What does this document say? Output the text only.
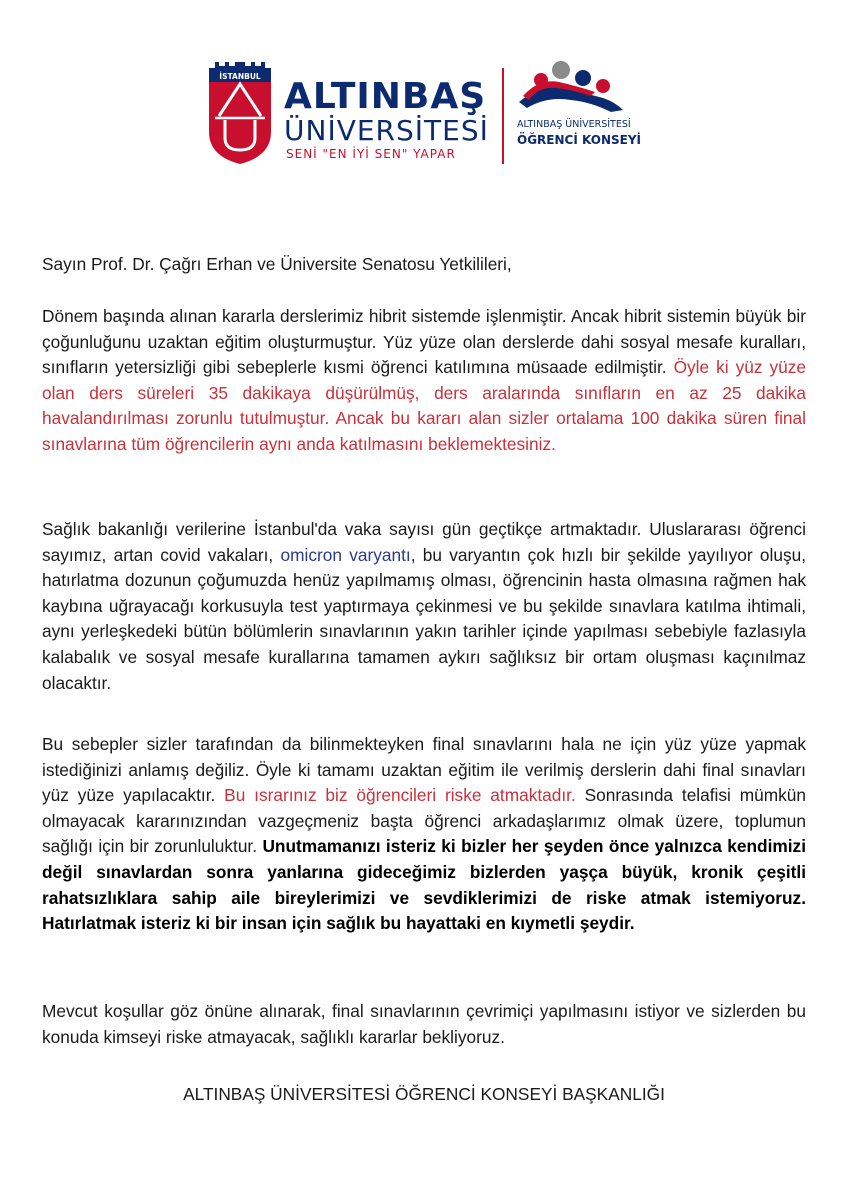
İSTANBUL ALTINBAŞ
ÜNİVERSİTESİ
SENİ "EN İYİ SEN" YAPAR
ALTINBAŞ ÜNİVERSİTESİ
ÖĞRENCİ KONSEYİ
Sayın Prof. Dr. Çağrı Erhan ve Üniversite Senatosu Yetkilileri,
Dönem başında alınan kararla derslerimiz hibrit sistemde işlenmiştir. Ancak hibrit sistemin büyük bir çoğunluğunu uzaktan eğitim oluşturmuştur. Yüz yüze olan derslerde dahi sosyal mesafe kuralları, sınıfların yetersizliği gibi sebeplerle kısmi öğrenci katılımına müsaade edilmiştir. Öyle ki yüz yüze olan ders süreleri 35 dakikaya düşürülmüş, ders aralarında sınıfların en az 25 dakika havalandırılması zorunlu tutulmuştur. Ancak bu kararı alan sizler ortalama 100 dakika süren final sınavlarına tüm öğrencilerin aynı anda katılmasını beklemektesiniz.
Sağlık bakanlığı verilerine İstanbul'da vaka sayısı gün geçtikçe artmaktadır. Uluslararası öğrenci sayımız, artan covid vakaları, omicron varyantı, bu varyantın çok hızlı bir şekilde yayılıyor oluşu, hatırlatma dozunun çoğumuzda henüz yapılmamış olması, öğrencinin hasta olmasına rağmen hak kaybına uğrayacağı korkusuyla test yaptırmaya çekinmesi ve bu şekilde sınavlara katılma ihtimali, aynı yerleşkedeki bütün bölümlerin sınavlarının yakın tarihler içinde yapılması sebebiyle fazlasıyla kalabalık ve sosyal mesafe kurallarına tamamen aykırı sağlıksız bir ortam oluşması kaçınılmaz olacaktır.
Bu sebepler sizler tarafından da bilinmekteyken final sınavlarını hala ne için yüz yüze yapmak istediğinizi anlamış değiliz. Öyle ki tamamı uzaktan eğitim ile verilmiş derslerin dahi final sınavları yüz yüze yapılacaktır. Bu ısrarınız biz öğrencileri riske atmaktadır. Sonrasında telafisi mümkün olmayacak kararınızından vazgeçmeniz başta öğrenci arkadaşlarımız olmak üzere, toplumun sağlığı için bir zorunluluktur. Unutmamanızı isteriz ki bizler her şeyden önce yalnızca kendimizi değil sınavlardan sonra yanlarına gideceğimiz bizlerden yaşça büyük, kronik çeşitli rahatsızlıklara sahip aile bireylerimizi ve sevdiklerimizi de riske atmak istemiyoruz. Hatırlatmak isteriz ki bir insan için sağlık bu hayattaki en kıymetli şeydir.
Mevcut koşullar göz önüne alınarak, final sınavlarının çevrimiçi yapılmasını istiyor ve sizlerden bu konuda kimseyi riske atmayacak, sağlıklı kararlar bekliyoruz.
ALTINBAŞ ÜNİVERSİTESİ ÖĞRENCİ KONSEYİ BAŞKANLIĞI
